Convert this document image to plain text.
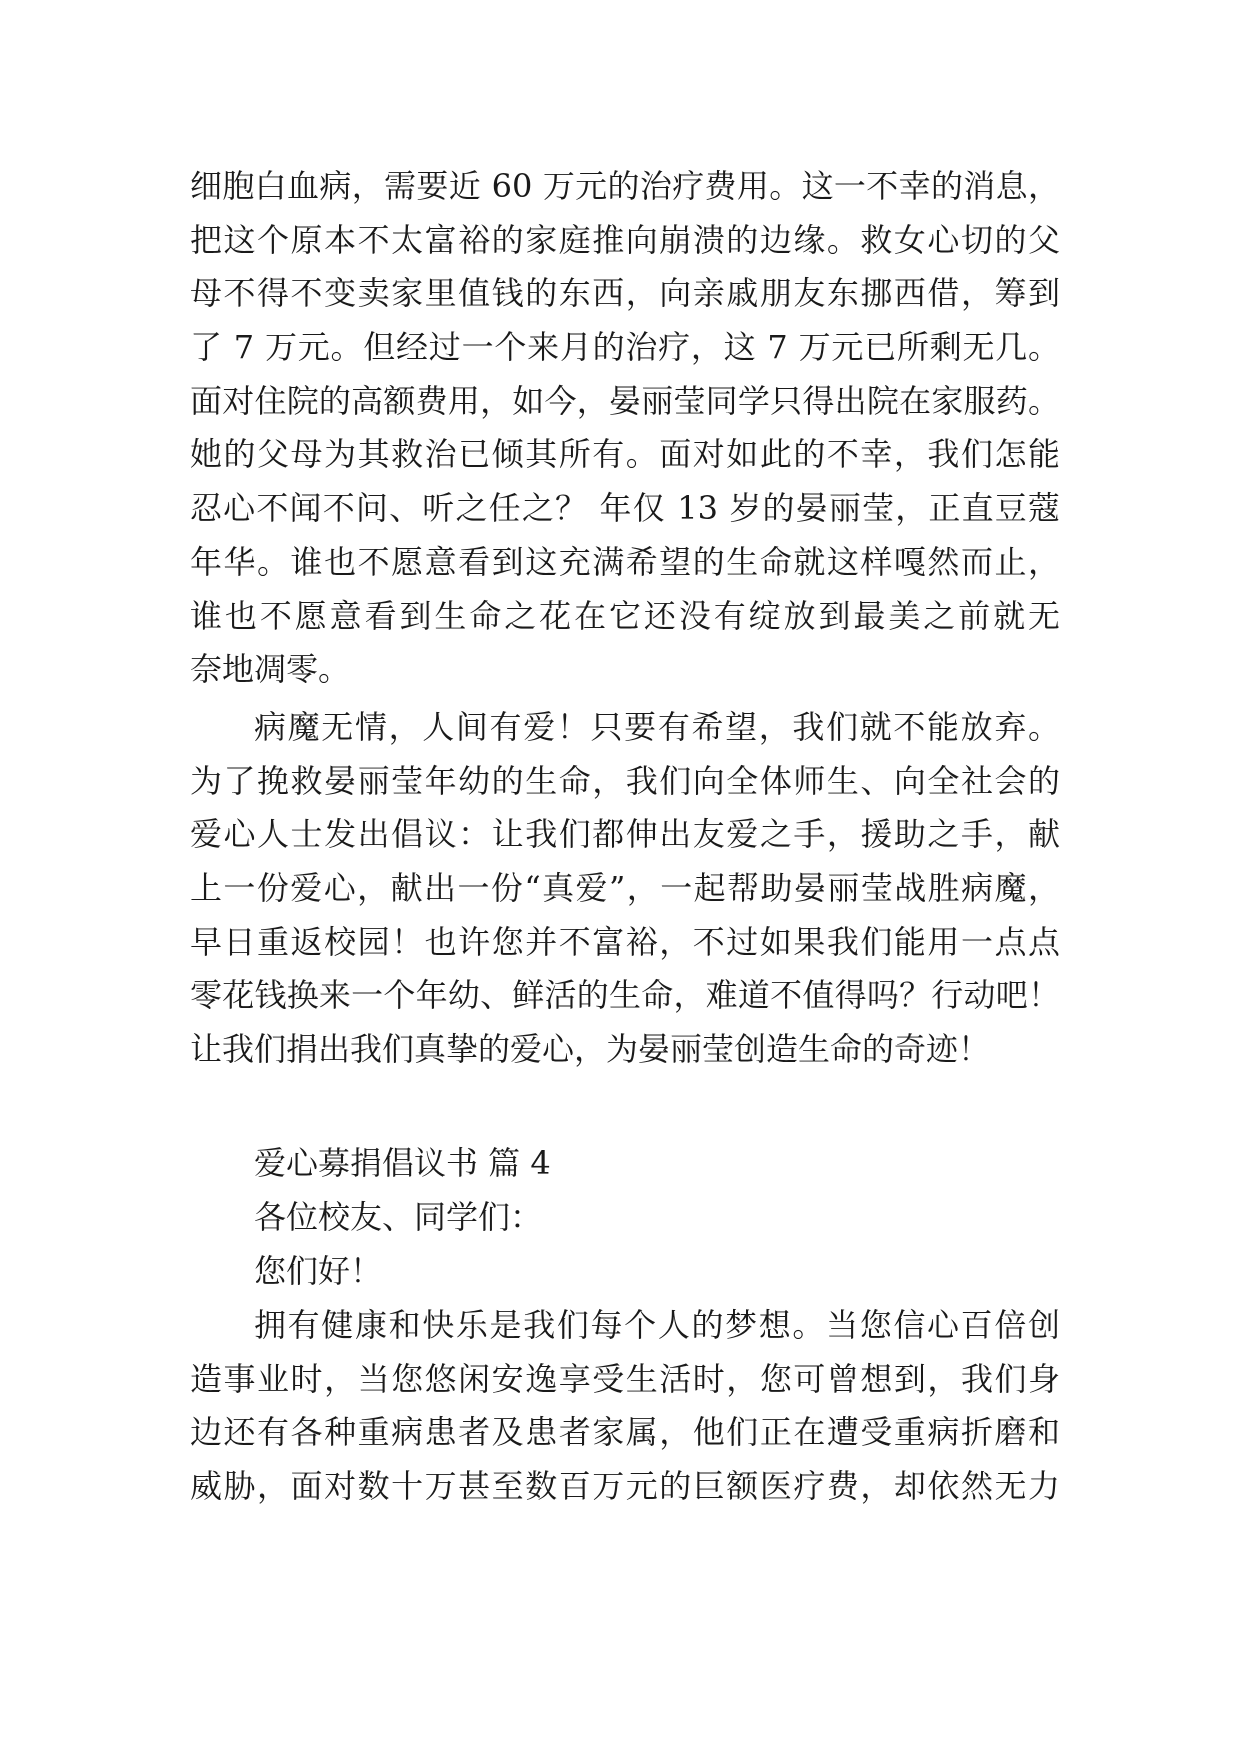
细胞白血病，需要近 60 万元的治疗费用。这一不幸的消息，
把这个原本不太富裕的家庭推向崩溃的边缘。救女心切的父
母不得不变卖家里值钱的东西，向亲戚朋友东挪西借，筹到
了 7 万元。但经过一个来月的治疗，这 7 万元已所剩无几。
面对住院的高额费用，如今，晏丽莹同学只得出院在家服药。
她的父母为其救治已倾其所有。面对如此的不幸，我们怎能
忍心不闻不问、听之任之？ 年仅 13 岁的晏丽莹，正直豆蔻
年华。谁也不愿意看到这充满希望的生命就这样嘎然而止，
谁也不愿意看到生命之花在它还没有绽放到最美之前就无
奈地凋零。
病魔无情，人间有爱！只要有希望，我们就不能放弃。
为了挽救晏丽莹年幼的生命，我们向全体师生、向全社会的
爱心人士发出倡议：让我们都伸出友爱之手，援助之手，献
上一份爱心，献出一份“真爱”，一起帮助晏丽莹战胜病魔，
早日重返校园！也许您并不富裕，不过如果我们能用一点点
零花钱换来一个年幼、鲜活的生命，难道不值得吗？行动吧！
让我们捐出我们真挚的爱心，为晏丽莹创造生命的奇迹！
爱心募捐倡议书 篇 4
各位校友、同学们：
您们好！
拥有健康和快乐是我们每个人的梦想。当您信心百倍创
造事业时，当您悠闲安逸享受生活时，您可曾想到，我们身
边还有各种重病患者及患者家属，他们正在遭受重病折磨和
威胁，面对数十万甚至数百万元的巨额医疗费，却依然无力
